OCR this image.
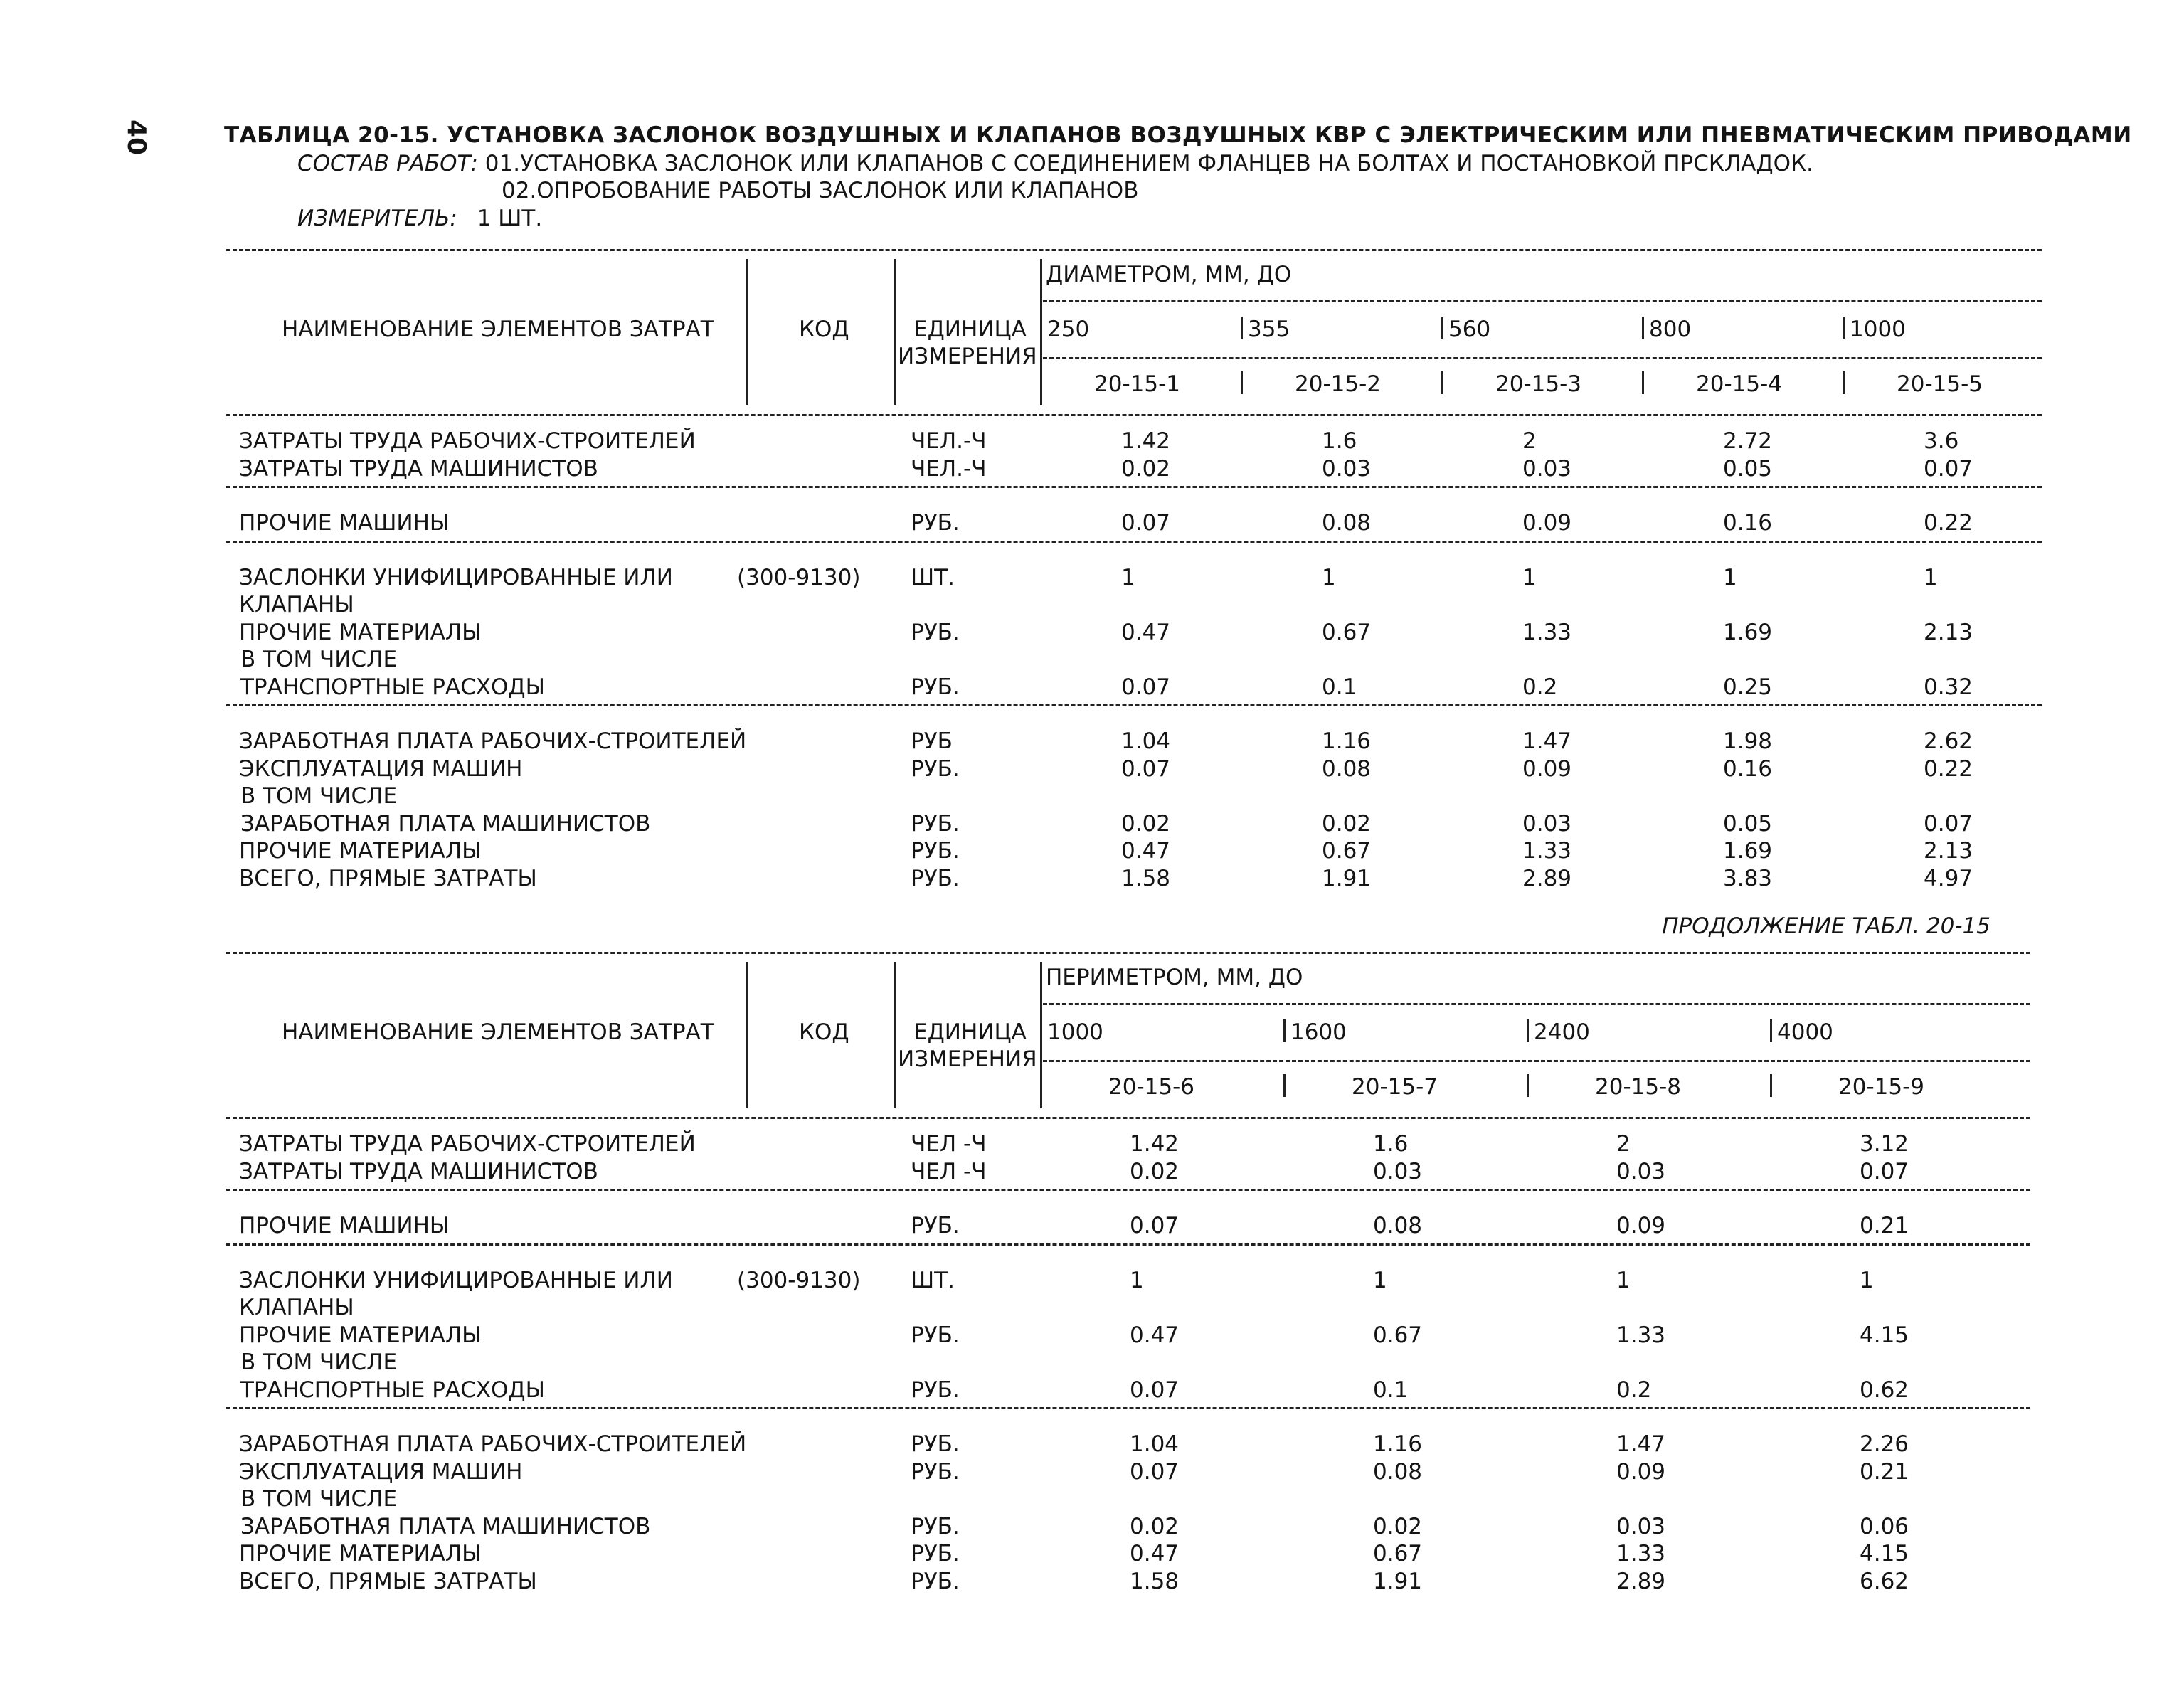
40	ТАБЛИЦА 20-15. УСТАНОВКА ЗАСЛОНОК ВОЗДУШНЫХ И КЛАПАНОВ ВОЗДУШНЫХ КВР С ЭЛЕКТРИЧЕСКИМ ИЛИ ПНЕВМАТИЧЕСКИМ ПРИВОДАМИ
СОСТАВ РАБОТ: 01.УСТАНОВКА ЗАСЛОНОК ИЛИ КЛАПАНОВ С СОЕДИНЕНИЕМ ФЛАНЦЕВ НА БОЛТАХ И ПОСТАНОВКОЙ ПРСКЛАДОК.
02.ОПРОБОВАНИЕ РАБОТЫ ЗАСЛОНОК ИЛИ КЛАПАНОВ
ИЗМЕРИТЕЛЬ: 1 ШТ.
НАИМЕНОВАНИЕ ЭЛЕМЕНТОВ ЗАТРАТ	КОД	ЕДИНИЦА
ИЗМЕРЕНИЯ
ДИАМЕТРОМ, ММ, ДО
250	355	560	800	1000
20-15-1	20-15-2	20-15-3	20-15-4	20-15-5
ЗАТРАТЫ ТРУДА РАБОЧИХ-СТРОИТЕЛЕЙ	ЧЕЛ.-Ч	1.42	1.6	2	2.72	3.6
ЗАТРАТЫ ТРУДА МАШИНИСТОВ	ЧЕЛ.-Ч	0.02	0.03	0.03	0.05	0.07
ПРОЧИЕ МАШИНЫ	РУБ.	0.07	0.08	0.09	0.16	0.22
ЗАСЛОНКИ УНИФИЦИРОВАННЫЕ ИЛИ	(300-9130) ШТ.	1	1	1	1	1
КЛАПАНЫ
ПРОЧИЕ МАТЕРИАЛЫ	РУБ.	0.47	0.67	1.33	1.69	2.13
В ТОМ ЧИСЛЕ
ТРАНСПОРТНЫЕ РАСХОДЫ	РУБ.	0.07	0.1	0.2	0.25	0.32
ЗАРАБОТНАЯ ПЛАТА РАБОЧИХ-СТРОИТЕЛЕЙ	РУБ	1.04	1.16	1.47	1.98	2.62
ЭКСПЛУАТАЦИЯ МАШИН	РУБ.	0.07	0.08	0.09	0.16	0.22
В ТОМ ЧИСЛЕ
ЗАРАБОТНАЯ ПЛАТА МАШИНИСТОВ	РУБ.	0.02	0.02	0.03	0.05	0.07
ПРОЧИЕ МАТЕРИАЛЫ	РУБ.	0.47	0.67	1.33	1.69	2.13
ВСЕГО, ПРЯМЫЕ ЗАТРАТЫ	РУБ.	1.58	1.91	2.89	3.83	4.97
ПРОДОЛЖЕНИЕ ТАБЛ. 20-15
НАИМЕНОВАНИЕ ЭЛЕМЕНТОВ ЗАТРАТ	КОД	ЕДИНИЦА
ИЗМЕРЕНИЯ
ПЕРИМЕТРОМ, ММ, ДО
1000	1600	2400	4000
20-15-6	20-15-7	20-15-8	20-15-9
ЗАТРАТЫ ТРУДА РАБОЧИХ-СТРОИТЕЛЕЙ	ЧЕЛ -Ч	1.42	1.6	2	3.12
ЗАТРАТЫ ТРУДА МАШИНИСТОВ	ЧЕЛ -Ч	0.02	0.03	0.03	0.07
ПРОЧИЕ МАШИНЫ	РУБ.	0.07	0.08	0.09	0.21
ЗАСЛОНКИ УНИФИЦИРОВАННЫЕ ИЛИ	(300-9130) ШТ.	1	1	1	1
КЛАПАНЫ
ПРОЧИЕ МАТЕРИАЛЫ	РУБ.	0.47	0.67	1.33	4.15
В ТОМ ЧИСЛЕ
ТРАНСПОРТНЫЕ РАСХОДЫ	РУБ.	0.07	0.1	0.2	0.62
ЗАРАБОТНАЯ ПЛАТА РАБОЧИХ-СТРОИТЕЛЕЙ	РУБ.	1.04	1.16	1.47	2.26
ЭКСПЛУАТАЦИЯ МАШИН	РУБ.	0.07	0.08	0.09	0.21
В ТОМ ЧИСЛЕ
ЗАРАБОТНАЯ ПЛАТА МАШИНИСТОВ	РУБ.	0.02	0.02	0.03	0.06
ПРОЧИЕ МАТЕРИАЛЫ	РУБ.	0.47	0.67	1.33	4.15
ВСЕГО, ПРЯМЫЕ ЗАТРАТЫ	РУБ.	1.58	1.91	2.89	6.62
